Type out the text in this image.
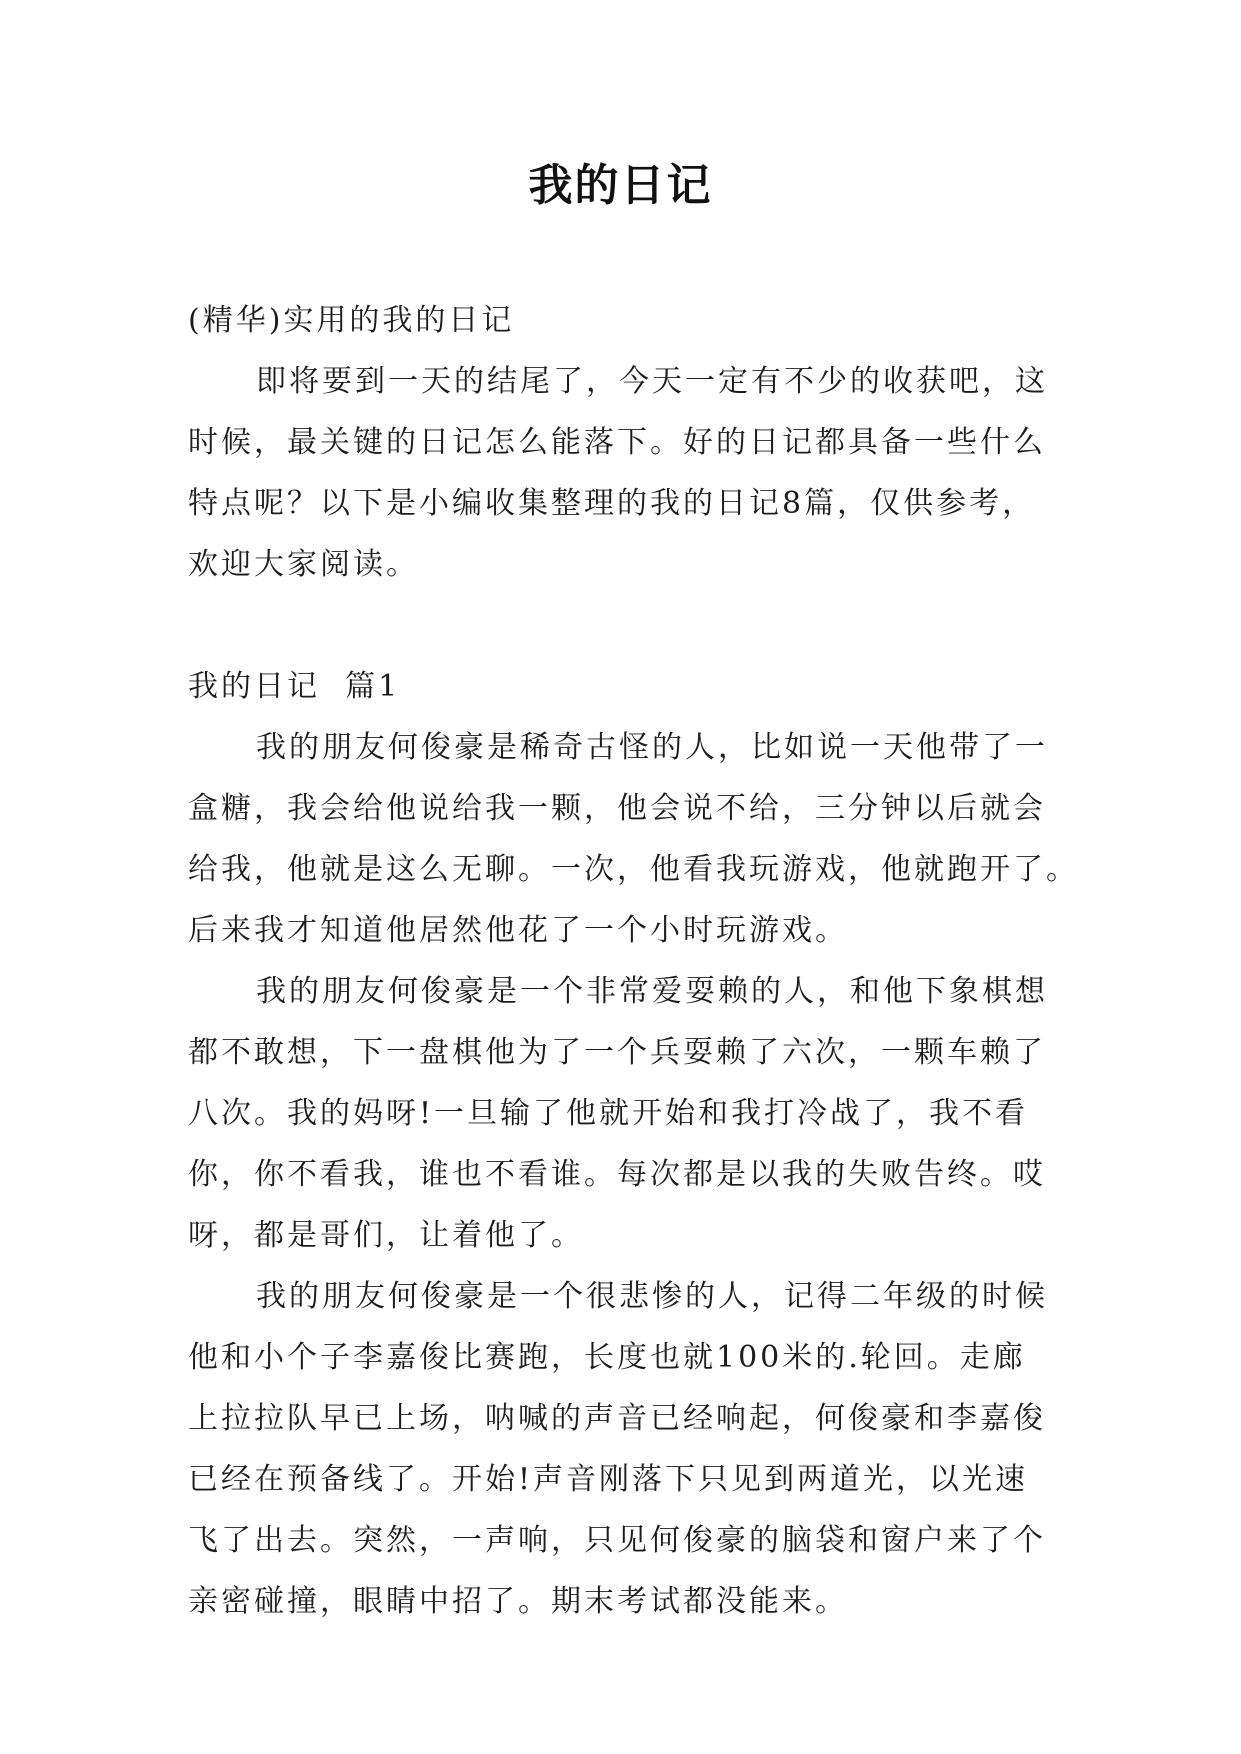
我的日记
(精华)实用的我的日记
即将要到一天的结尾了，今天一定有不少的收获吧，这
时候，最关键的日记怎么能落下。好的日记都具备一些什么
特点呢？以下是小编收集整理的我的日记8篇，仅供参考，
欢迎大家阅读。
我的日记  篇1
我的朋友何俊豪是稀奇古怪的人，比如说一天他带了一
盒糖，我会给他说给我一颗，他会说不给，三分钟以后就会
给我，他就是这么无聊。一次，他看我玩游戏，他就跑开了。
后来我才知道他居然他花了一个小时玩游戏。
我的朋友何俊豪是一个非常爱耍赖的人，和他下象棋想
都不敢想，下一盘棋他为了一个兵耍赖了六次，一颗车赖了
八次。我的妈呀!一旦输了他就开始和我打冷战了，我不看
你，你不看我，谁也不看谁。每次都是以我的失败告终。哎
呀，都是哥们，让着他了。
我的朋友何俊豪是一个很悲惨的人，记得二年级的时候
他和小个子李嘉俊比赛跑，长度也就100米的.轮回。走廊
上拉拉队早已上场，呐喊的声音已经响起，何俊豪和李嘉俊
已经在预备线了。开始!声音刚落下只见到两道光，以光速
飞了出去。突然，一声响，只见何俊豪的脑袋和窗户来了个
亲密碰撞，眼睛中招了。期末考试都没能来。
